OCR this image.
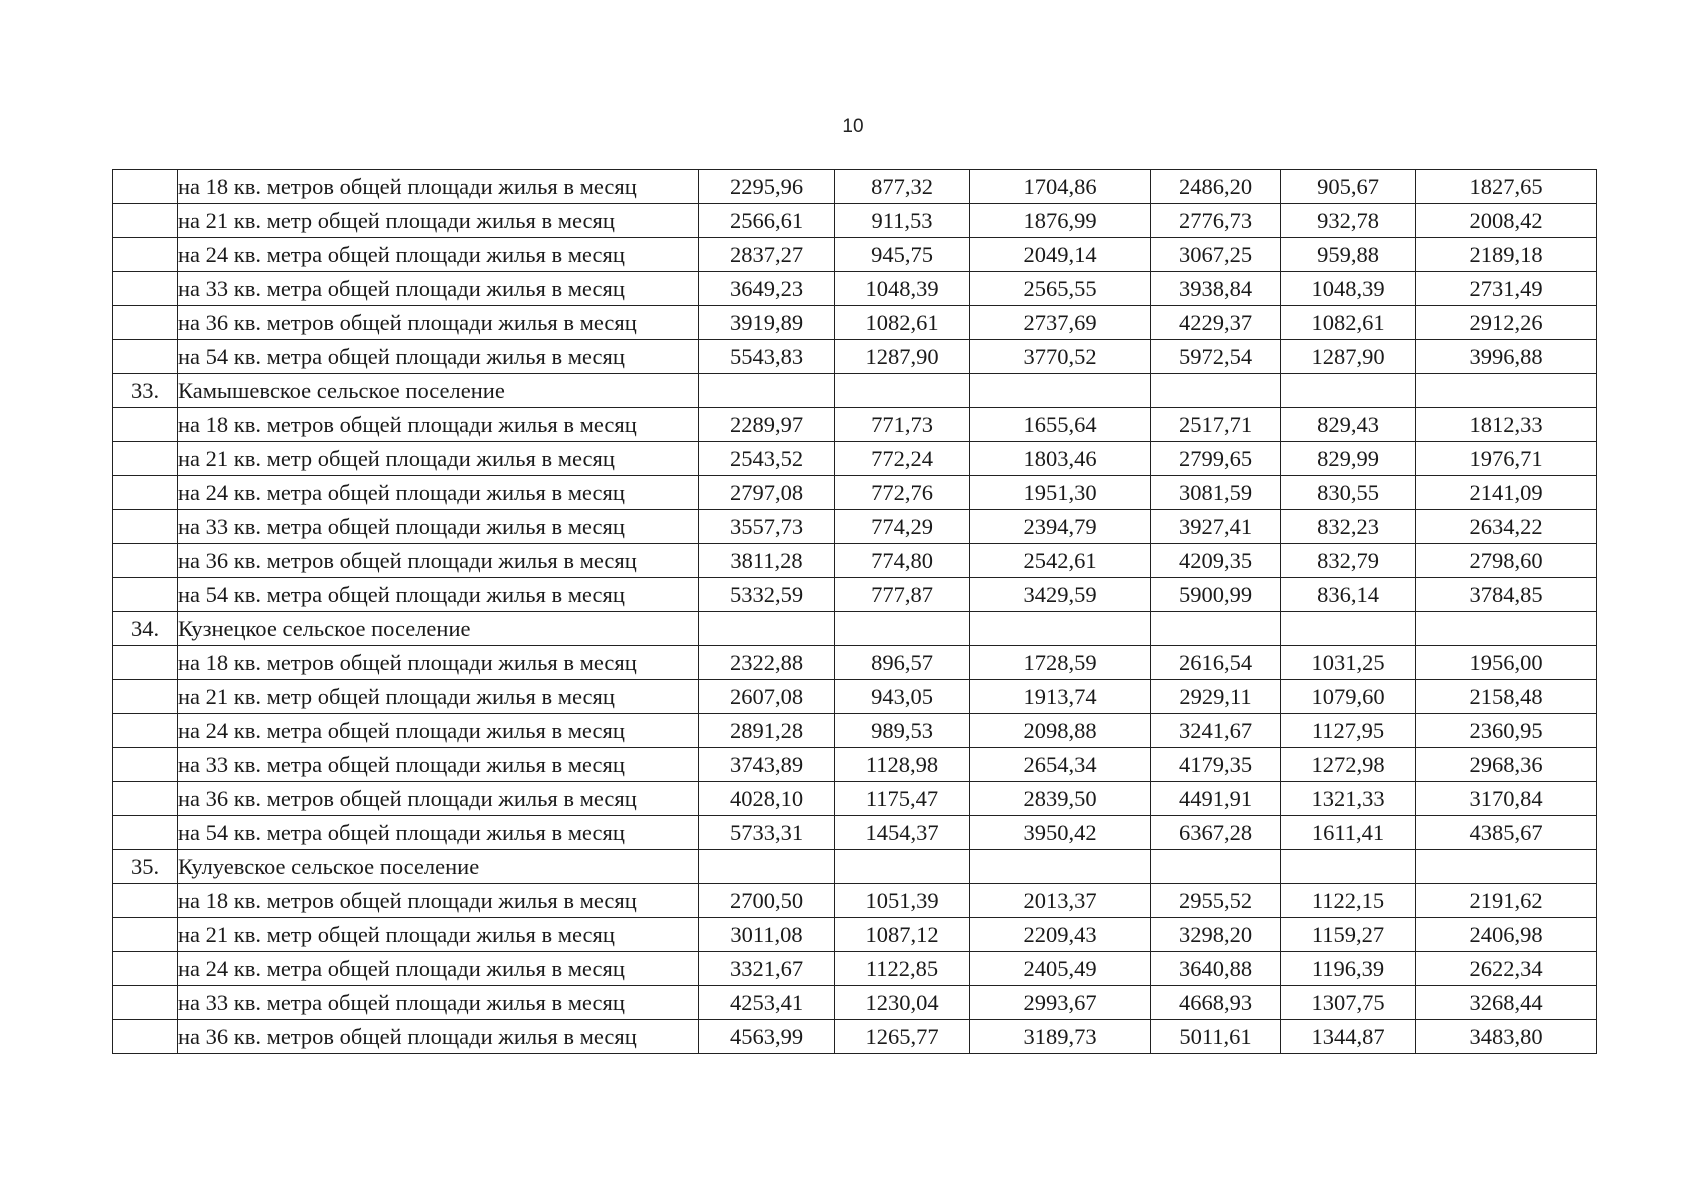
10
	на 18 кв. метров общей площади жилья в месяц	2295,96	877,32	1704,86	2486,20	905,67	1827,65
	на 21 кв. метр общей площади жилья в месяц	2566,61	911,53	1876,99	2776,73	932,78	2008,42
	на 24 кв. метра общей площади жилья в месяц	2837,27	945,75	2049,14	3067,25	959,88	2189,18
	на 33 кв. метра общей площади жилья в месяц	3649,23	1048,39	2565,55	3938,84	1048,39	2731,49
	на 36 кв. метров общей площади жилья в месяц	3919,89	1082,61	2737,69	4229,37	1082,61	2912,26
	на 54 кв. метра общей площади жилья в месяц	5543,83	1287,90	3770,52	5972,54	1287,90	3996,88
33.	Камышевское сельское поселение						
	на 18 кв. метров общей площади жилья в месяц	2289,97	771,73	1655,64	2517,71	829,43	1812,33
	на 21 кв. метр общей площади жилья в месяц	2543,52	772,24	1803,46	2799,65	829,99	1976,71
	на 24 кв. метра общей площади жилья в месяц	2797,08	772,76	1951,30	3081,59	830,55	2141,09
	на 33 кв. метра общей площади жилья в месяц	3557,73	774,29	2394,79	3927,41	832,23	2634,22
	на 36 кв. метров общей площади жилья в месяц	3811,28	774,80	2542,61	4209,35	832,79	2798,60
	на 54 кв. метра общей площади жилья в месяц	5332,59	777,87	3429,59	5900,99	836,14	3784,85
34.	Кузнецкое сельское поселение						
	на 18 кв. метров общей площади жилья в месяц	2322,88	896,57	1728,59	2616,54	1031,25	1956,00
	на 21 кв. метр общей площади жилья в месяц	2607,08	943,05	1913,74	2929,11	1079,60	2158,48
	на 24 кв. метра общей площади жилья в месяц	2891,28	989,53	2098,88	3241,67	1127,95	2360,95
	на 33 кв. метра общей площади жилья в месяц	3743,89	1128,98	2654,34	4179,35	1272,98	2968,36
	на 36 кв. метров общей площади жилья в месяц	4028,10	1175,47	2839,50	4491,91	1321,33	3170,84
	на 54 кв. метра общей площади жилья в месяц	5733,31	1454,37	3950,42	6367,28	1611,41	4385,67
35.	Кулуевское сельское поселение						
	на 18 кв. метров общей площади жилья в месяц	2700,50	1051,39	2013,37	2955,52	1122,15	2191,62
	на 21 кв. метр общей площади жилья в месяц	3011,08	1087,12	2209,43	3298,20	1159,27	2406,98
	на 24 кв. метра общей площади жилья в месяц	3321,67	1122,85	2405,49	3640,88	1196,39	2622,34
	на 33 кв. метра общей площади жилья в месяц	4253,41	1230,04	2993,67	4668,93	1307,75	3268,44
	на 36 кв. метров общей площади жилья в месяц	4563,99	1265,77	3189,73	5011,61	1344,87	3483,80
